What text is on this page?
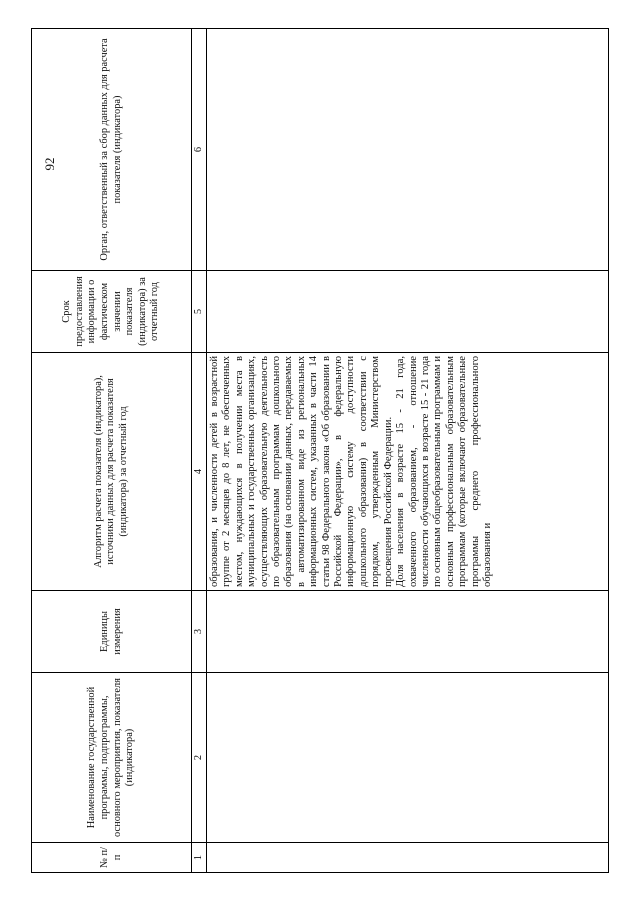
92
№ п/п	Наименование государственной программы, подпрограммы, основного мероприятия, показателя (индикатора)	Единицы измерения	Алгоритм расчета показателя (индикатора), источники данных для расчета показателя (индикатора) за отчетный год	Срок предоставления информации о фактическом значении показателя (индикатора) за отчетный год	Орган, ответственный за сбор данных для расчета показателя (индикатора)
1	2	3	4	5	6

			образования, и численности детей в возрастной группе от 2 месяцев до 8 лет, не обеспеченных местом, нуждающихся в получении места в муниципальных и государственных организациях, осуществляющих образовательную деятельность по образовательным программам дошкольного образования (на основании данных, передаваемых в автоматизированном виде из региональных информационных систем, указанных в части 14 статьи 98 Федерального закона «Об образовании в Российской Федерации», в федеральную информационную систему доступности дошкольного образования) в соответствии с порядком, утвержденным Министерством просвещения Российской Федерации. Доля населения в возрасте 15 - 21 года, охваченного образованием, - отношение численности обучающихся в возрасте 15 - 21 года по основным общеобразовательным программам и основным профессиональным образовательным программам (которые включают образовательные программы среднего профессионального образования и		
